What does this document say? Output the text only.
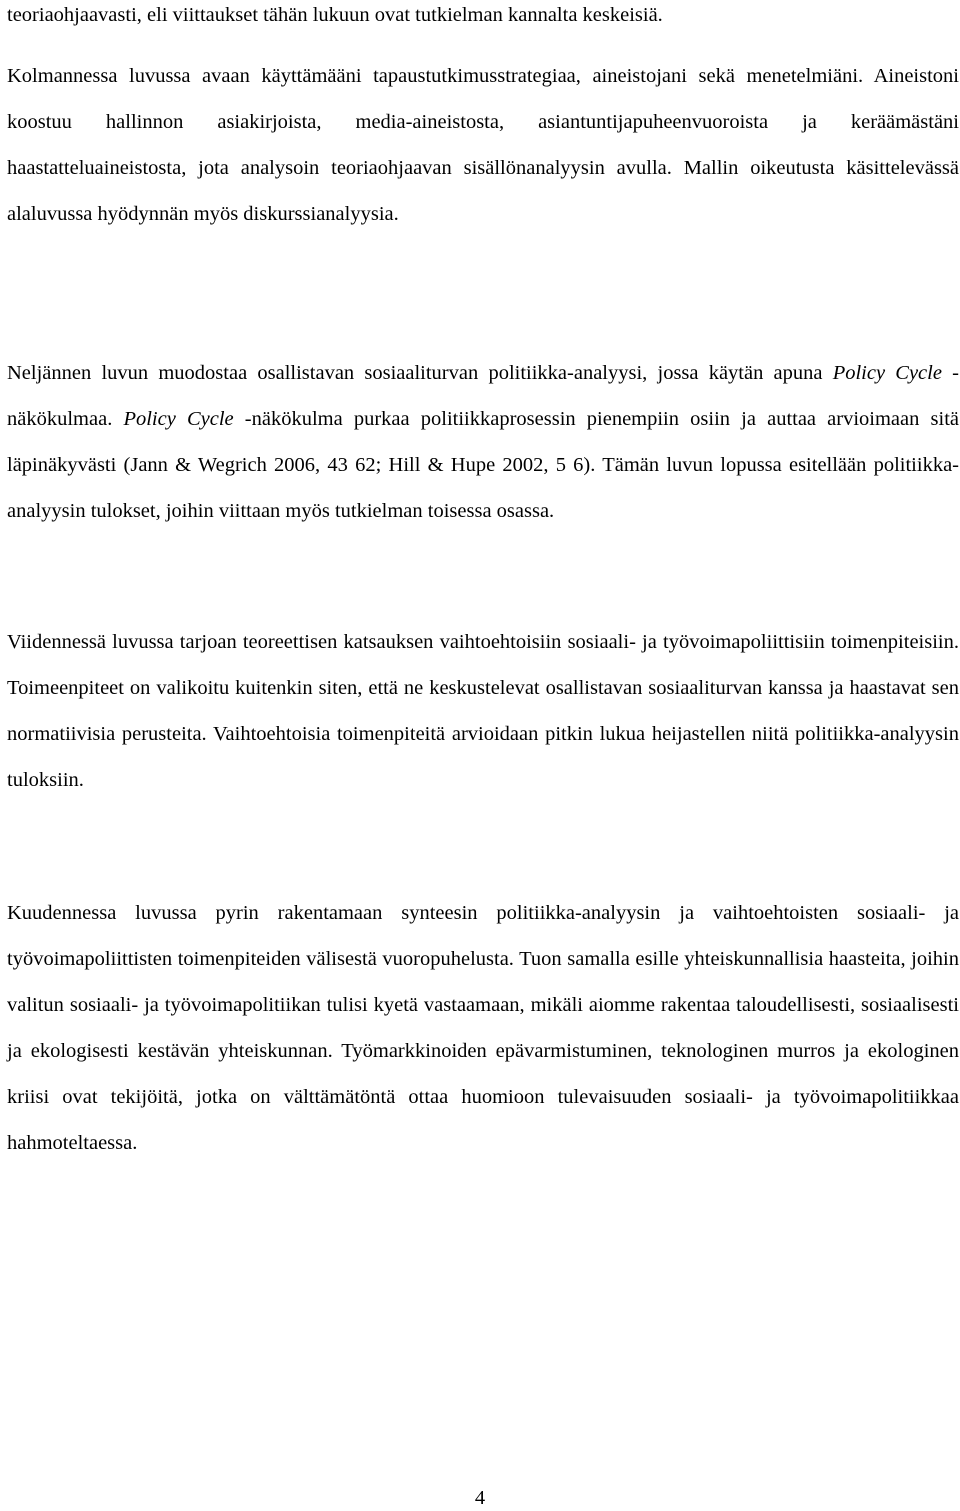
teoriaohjaavasti, eli viittaukset tähän lukuun ovat tutkielman kannalta keskeisiä.

Kolmannessa luvussa avaan käyttämääni tapaustutkimusstrategiaa, aineistojani sekä menetelmiäni. Aineistoni koostuu hallinnon asiakirjoista, media-aineistosta, asiantuntijapuheenvuoroista ja keräämästäni haastatteluaineistosta, jota analysoin teoriaohjaavan sisällönanalyysin avulla. Mallin oikeutusta käsittelevässä alaluvussa hyödynnän myös diskurssianalyysia.

Neljännen luvun muodostaa osallistavan sosiaaliturvan politiikka-analyysi, jossa käytän apuna Policy Cycle -näkökulmaa. Policy Cycle -näkökulma purkaa politiikkaprosessin pienempiin osiin ja auttaa arvioimaan sitä läpinäkyvästi (Jann & Wegrich 2006, 43 62; Hill & Hupe 2002, 5 6). Tämän luvun lopussa esitellään politiikka-analyysin tulokset, joihin viittaan myös tutkielman toisessa osassa.

Viidennessä luvussa tarjoan teoreettisen katsauksen vaihtoehtoisiin sosiaali- ja työvoimapoliittisiin toimenpiteisiin. Toimeenpiteet on valikoitu kuitenkin siten, että ne keskustelevat osallistavan sosiaaliturvan kanssa ja haastavat sen normatiivisia perusteita. Vaihtoehtoisia toimenpiteitä arvioidaan pitkin lukua heijastellen niitä politiikka-analyysin tuloksiin.

Kuudennessa luvussa pyrin rakentamaan synteesin politiikka-analyysin ja vaihtoehtoisten sosiaali- ja työvoimapoliittisten toimenpiteiden välisestä vuoropuhelusta. Tuon samalla esille yhteiskunnallisia haasteita, joihin valitun sosiaali- ja työvoimapolitiikan tulisi kyetä vastaamaan, mikäli aiomme rakentaa taloudellisesti, sosiaalisesti ja ekologisesti kestävän yhteiskunnan. Työmarkkinoiden epävarmistuminen, teknologinen murros ja ekologinen kriisi ovat tekijöitä, jotka on välttämätöntä ottaa huomioon tulevaisuuden sosiaali- ja työvoimapolitiikkaa hahmoteltaessa.

4
